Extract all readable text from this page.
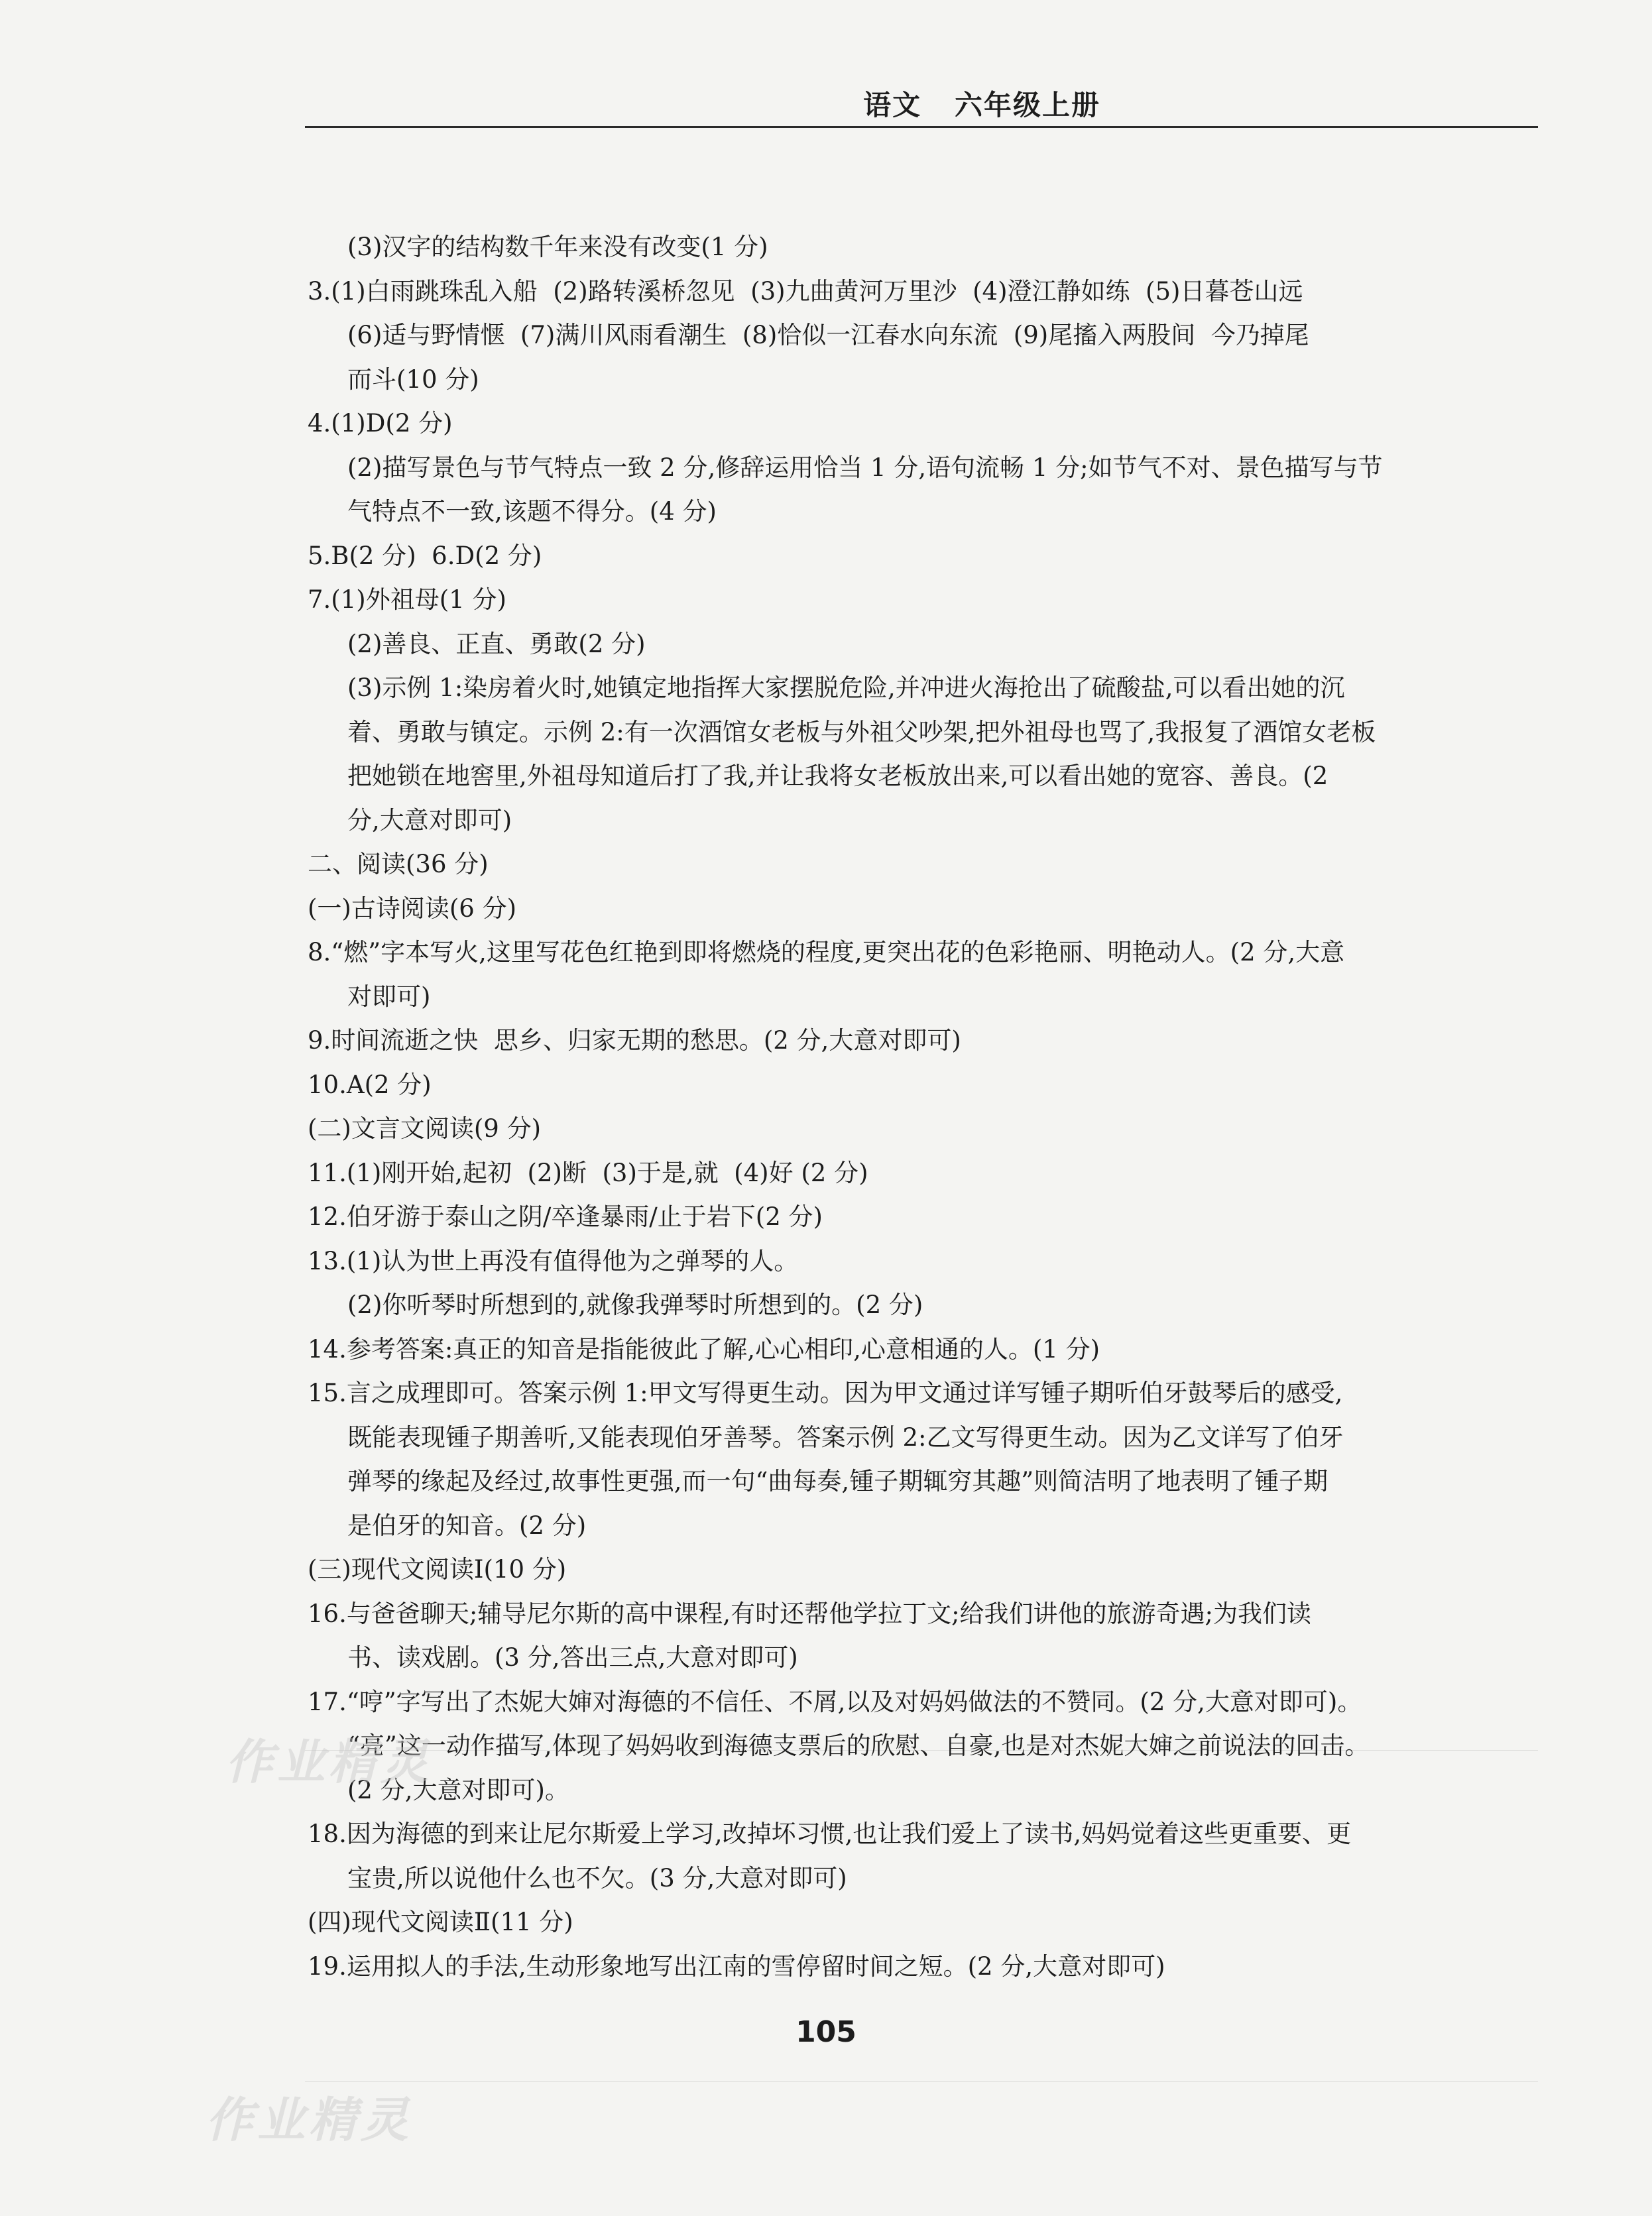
语文 六年级上册
(3)汉字的结构数千年来没有改变(1 分)
3.(1)白雨跳珠乱入船  (2)路转溪桥忽见  (3)九曲黄河万里沙  (4)澄江静如练  (5)日暮苍山远
(6)适与野情惬  (7)满川风雨看潮生  (8)恰似一江春水向东流  (9)尾搐入两股间  今乃掉尾
而斗(10 分)
4.(1)D(2 分)
(2)描写景色与节气特点一致 2 分,修辞运用恰当 1 分,语句流畅 1 分;如节气不对、景色描写与节
气特点不一致,该题不得分。(4 分)
5.B(2 分)  6.D(2 分)
7.(1)外祖母(1 分)
(2)善良、正直、勇敢(2 分)
(3)示例 1:染房着火时,她镇定地指挥大家摆脱危险,并冲进火海抢出了硫酸盐,可以看出她的沉
着、勇敢与镇定。示例 2:有一次酒馆女老板与外祖父吵架,把外祖母也骂了,我报复了酒馆女老板
把她锁在地窖里,外祖母知道后打了我,并让我将女老板放出来,可以看出她的宽容、善良。(2
分,大意对即可)
二、阅读(36 分)
(一)古诗阅读(6 分)
8.“燃”字本写火,这里写花色红艳到即将燃烧的程度,更突出花的色彩艳丽、明艳动人。(2 分,大意
对即可)
9.时间流逝之快  思乡、归家无期的愁思。(2 分,大意对即可)
10.A(2 分)
(二)文言文阅读(9 分)
11.(1)刚开始,起初  (2)断  (3)于是,就  (4)好 (2 分)
12.伯牙游于泰山之阴/卒逢暴雨/止于岩下(2 分)
13.(1)认为世上再没有值得他为之弹琴的人。
(2)你听琴时所想到的,就像我弹琴时所想到的。(2 分)
14.参考答案:真正的知音是指能彼此了解,心心相印,心意相通的人。(1 分)
15.言之成理即可。答案示例 1:甲文写得更生动。因为甲文通过详写锺子期听伯牙鼓琴后的感受,
既能表现锺子期善听,又能表现伯牙善琴。答案示例 2:乙文写得更生动。因为乙文详写了伯牙
弹琴的缘起及经过,故事性更强,而一句“曲每奏,锺子期辄穷其趣”则简洁明了地表明了锺子期
是伯牙的知音。(2 分)
(三)现代文阅读Ⅰ(10 分)
16.与爸爸聊天;辅导尼尔斯的高中课程,有时还帮他学拉丁文;给我们讲他的旅游奇遇;为我们读
书、读戏剧。(3 分,答出三点,大意对即可)
17.“哼”字写出了杰妮大婶对海德的不信任、不屑,以及对妈妈做法的不赞同。(2 分,大意对即可)。
“亮”这一动作描写,体现了妈妈收到海德支票后的欣慰、自豪,也是对杰妮大婶之前说法的回击。
(2 分,大意对即可)。
18.因为海德的到来让尼尔斯爱上学习,改掉坏习惯,也让我们爱上了读书,妈妈觉着这些更重要、更
宝贵,所以说他什么也不欠。(3 分,大意对即可)
(四)现代文阅读Ⅱ(11 分)
19.运用拟人的手法,生动形象地写出江南的雪停留时间之短。(2 分,大意对即可)
作业精灵
作业精灵
105
